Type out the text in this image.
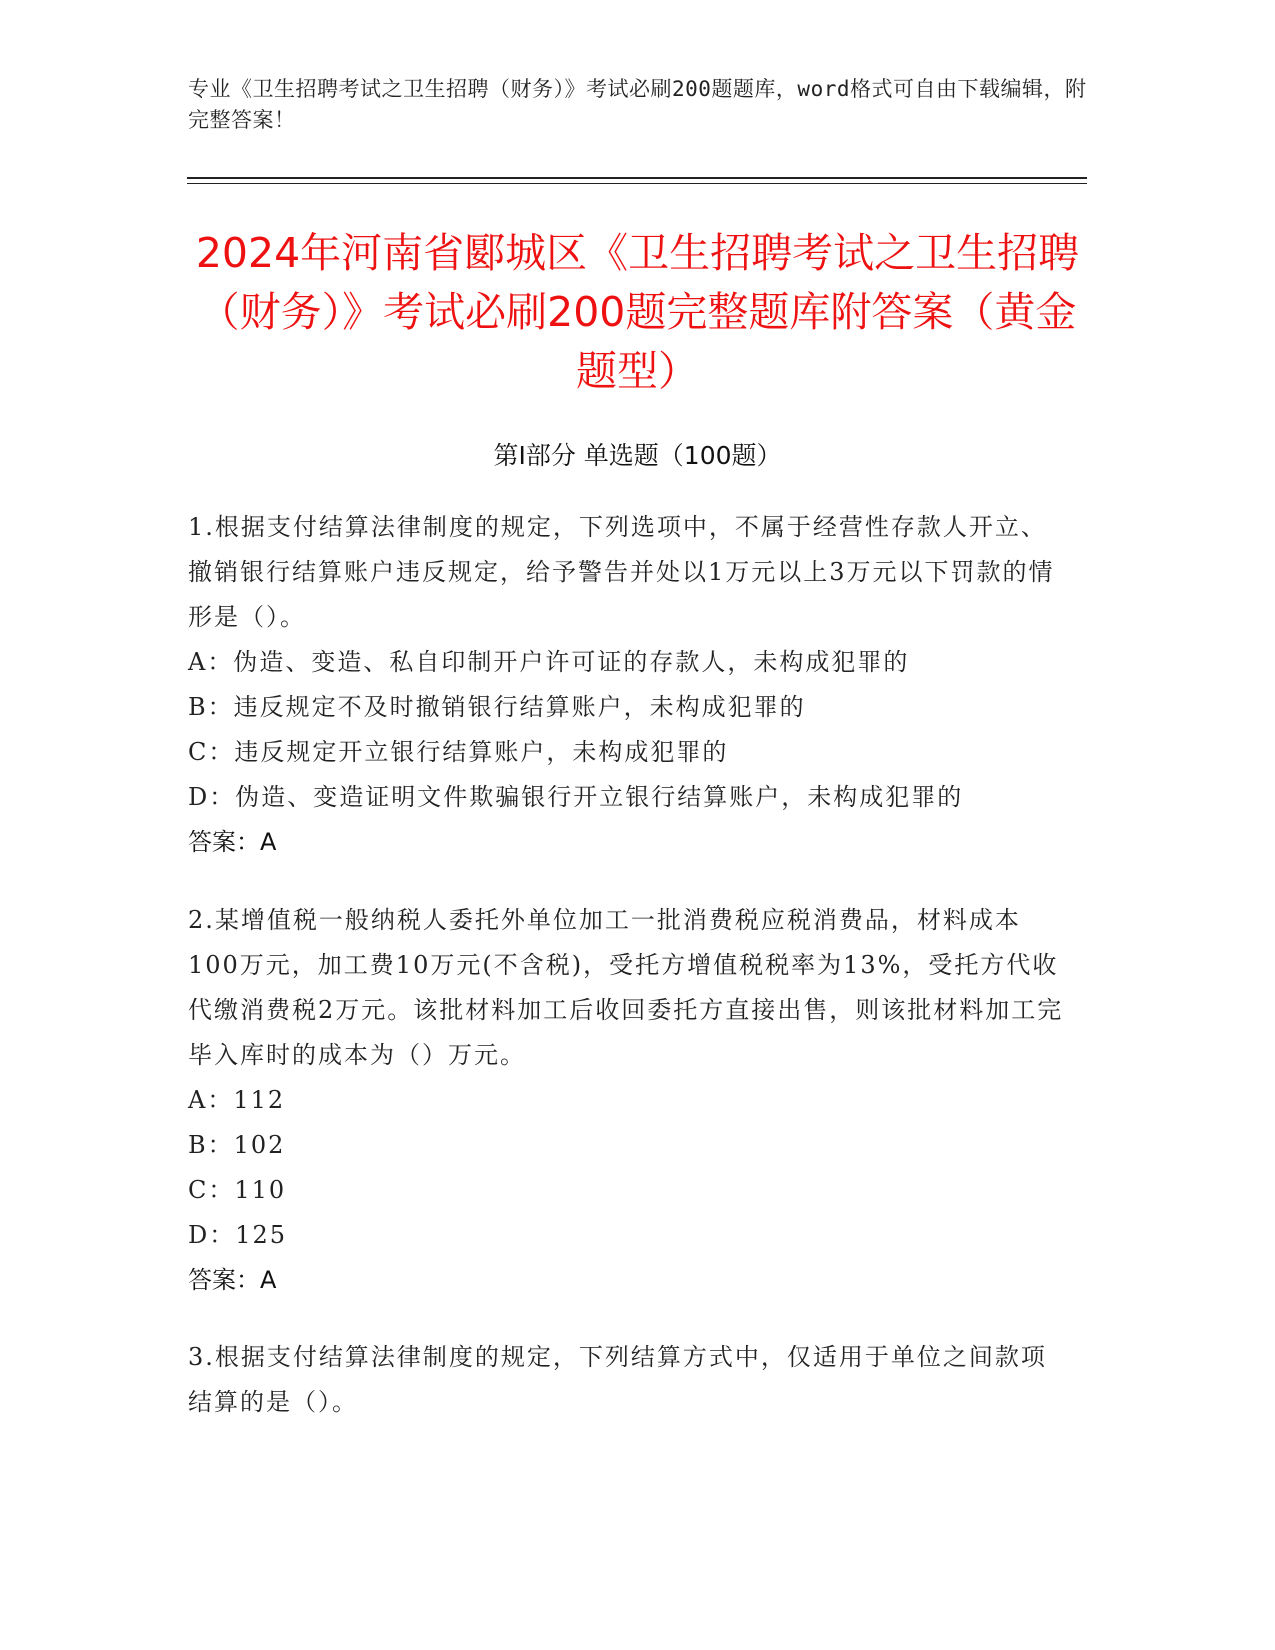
专业《卫生招聘考试之卫生招聘（财务）》考试必刷200题题库，word格式可自由下载编辑，附完整答案！
2024年河南省郾城区《卫生招聘考试之卫生招聘（财务）》考试必刷200题完整题库附答案（黄金题型）
第Ⅰ部分 单选题（100题）
1.根据支付结算法律制度的规定，下列选项中，不属于经营性存款人开立、撤销银行结算账户违反规定，给予警告并处以1万元以上3万元以下罚款的情形是（）。
A：伪造、变造、私自印制开户许可证的存款人，未构成犯罪的
B：违反规定不及时撤销银行结算账户，未构成犯罪的
C：违反规定开立银行结算账户，未构成犯罪的
D：伪造、变造证明文件欺骗银行开立银行结算账户，未构成犯罪的
答案：A
2.某增值税一般纳税人委托外单位加工一批消费税应税消费品，材料成本100万元，加工费10万元(不含税)，受托方增值税税率为13%，受托方代收代缴消费税2万元。该批材料加工后收回委托方直接出售，则该批材料加工完毕入库时的成本为（）万元。
A：112
B：102
C：110
D：125
答案：A
3.根据支付结算法律制度的规定，下列结算方式中，仅适用于单位之间款项结算的是（）。
